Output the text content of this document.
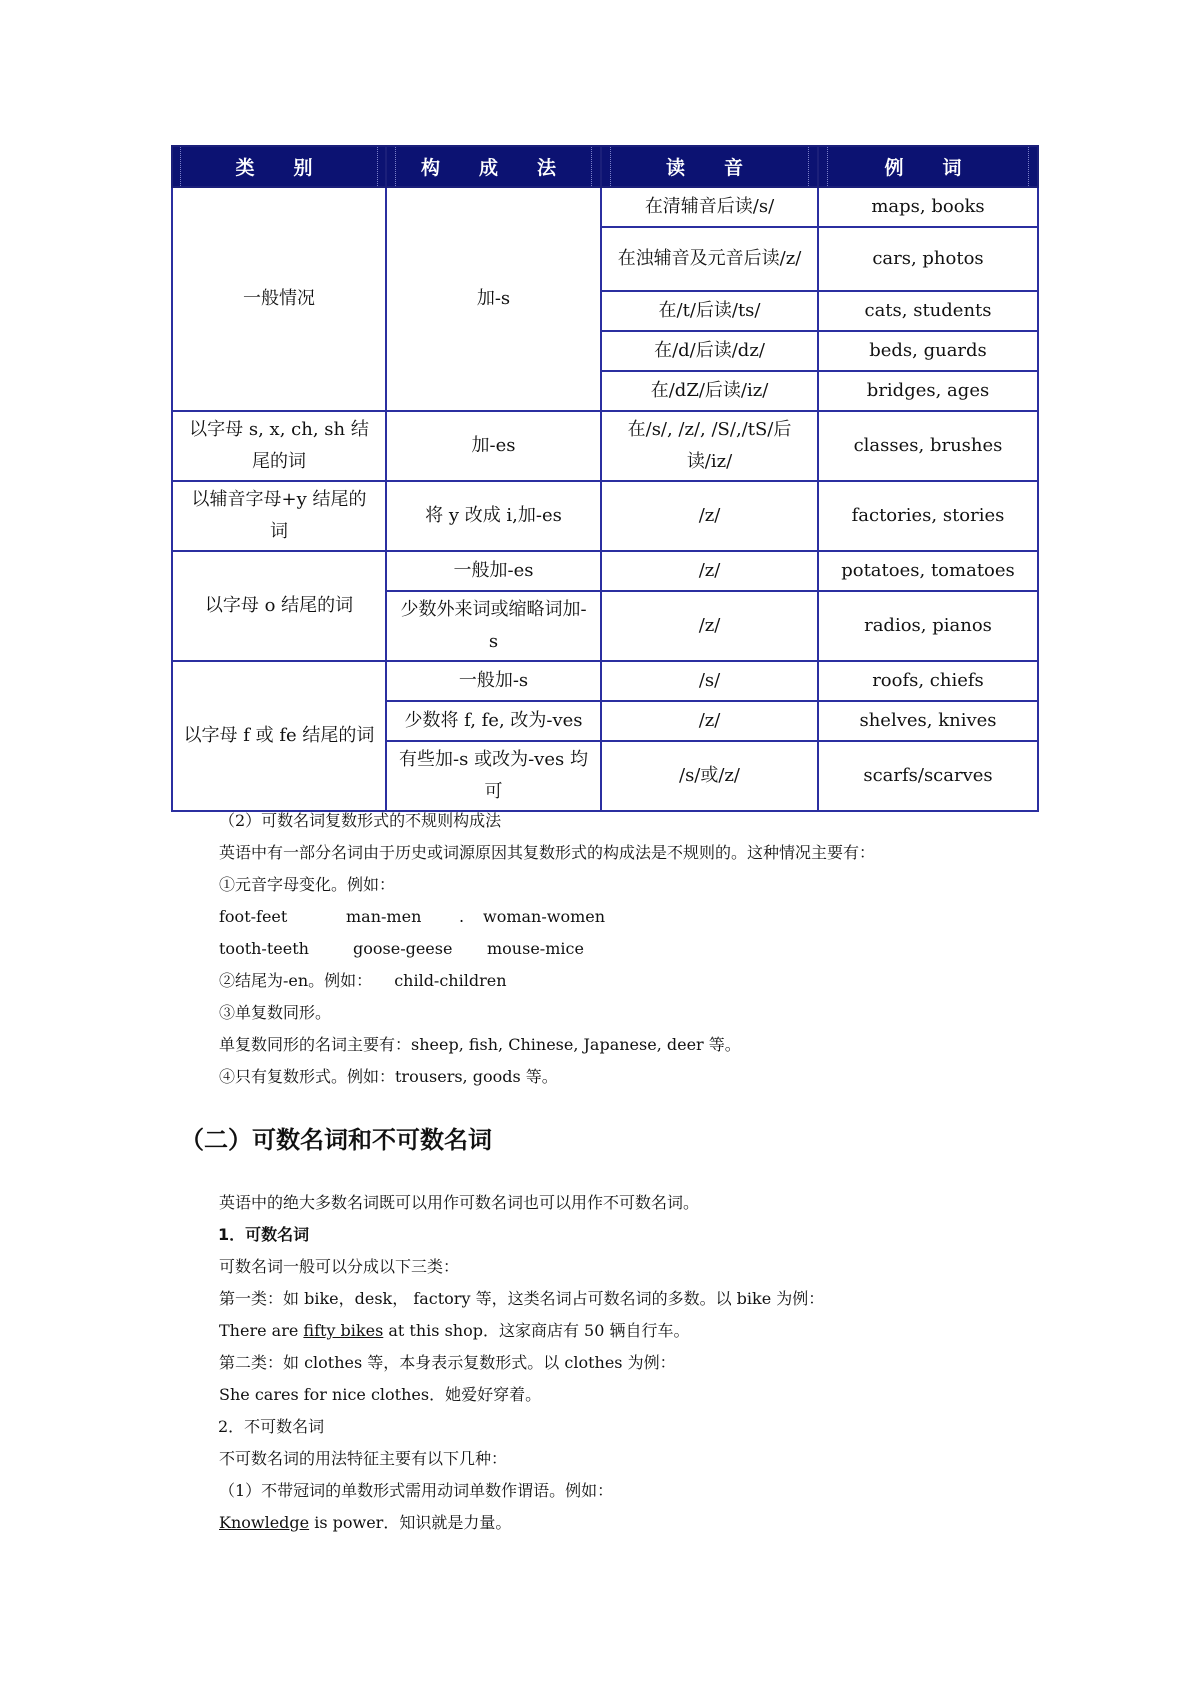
类　别	构　成　法	读　音	例　词
一般情况	加-s	在清辅音后读/s/	maps, books
		在浊辅音及元音后读/z/	cars, photos
		在/t/后读/ts/	cats, students
		在/d/后读/dz/	beds, guards
		在/dZ/后读/iz/	bridges, ages
以字母 s, x, ch, sh 结尾的词	加-es	在/s/, /z/, /S/,/tS/后读/iz/	classes, brushes
以辅音字母+y 结尾的词	将 y 改成 i,加-es	/z/	factories, stories
以字母 o 结尾的词	一般加-es	/z/	potatoes, tomatoes
	少数外来词或缩略词加-s	/z/	radios, pianos
以字母 f 或 fe 结尾的词	一般加-s	/s/	roofs, chiefs
	少数将 f, fe, 改为-ves	/z/	shelves, knives
	有些加-s 或改为-ves 均可	/s/或/z/	scarfs/scarves
（2）可数名词复数形式的不规则构成法
英语中有一部分名词由于历史或词源原因其复数形式的构成法是不规则的。这种情况主要有：
①元音字母变化。例如：
foot-feet	man-men . woman-women
tooth-teeth	goose-geese mouse-mice
②结尾为-en。例如： child-children
③单复数同形。
单复数同形的名词主要有：sheep, fish, Chinese, Japanese, deer 等。
④只有复数形式。例如：trousers, goods 等。
（二）可数名词和不可数名词
英语中的绝大多数名词既可以用作可数名词也可以用作不可数名词。
1．可数名词
可数名词一般可以分成以下三类：
第一类：如 bike，desk， factory 等，这类名词占可数名词的多数。以 bike 为例：
There are fifty bikes at this shop．这家商店有 50 辆自行车。
第二类：如 clothes 等，本身表示复数形式。以 clothes 为例：
She cares for nice clothes．她爱好穿着。
2．不可数名词
不可数名词的用法特征主要有以下几种：
（1）不带冠词的单数形式需用动词单数作谓语。例如：
Knowledge is power．知识就是力量。
